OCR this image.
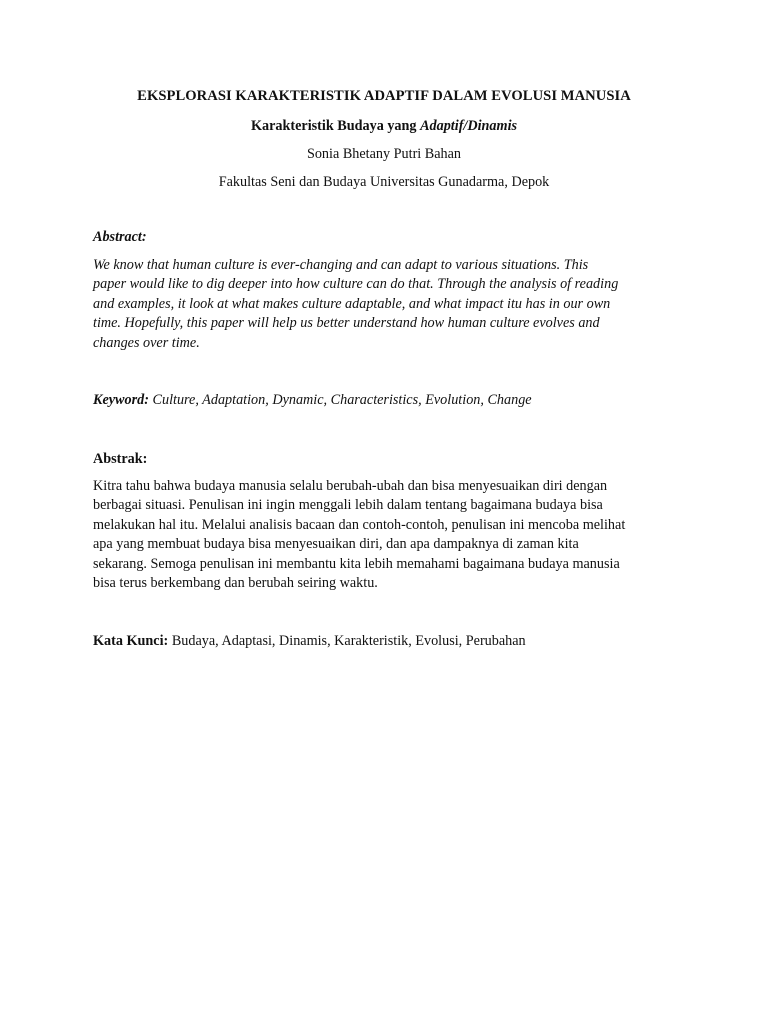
EKSPLORASI KARAKTERISTIK ADAPTIF DALAM EVOLUSI MANUSIA
Karakteristik Budaya yang Adaptif/Dinamis
Sonia Bhetany Putri Bahan
Fakultas Seni dan Budaya Universitas Gunadarma, Depok
Abstract:
We know that human culture is ever-changing and can adapt to various situations. This
paper would like to dig deeper into how culture can do that. Through the analysis of reading
and examples, it look at what makes culture adaptable, and what impact itu has in our own
time. Hopefully, this paper will help us better understand how human culture evolves and
changes over time.
Keyword: Culture, Adaptation, Dynamic, Characteristics, Evolution, Change
Abstrak:
Kitra tahu bahwa budaya manusia selalu berubah-ubah dan bisa menyesuaikan diri dengan
berbagai situasi. Penulisan ini ingin menggali lebih dalam tentang bagaimana budaya bisa
melakukan hal itu. Melalui analisis bacaan dan contoh-contoh, penulisan ini mencoba melihat
apa yang membuat budaya bisa menyesuaikan diri, dan apa dampaknya di zaman kita
sekarang. Semoga penulisan ini membantu kita lebih memahami bagaimana budaya manusia
bisa terus berkembang dan berubah seiring waktu.
Kata Kunci: Budaya, Adaptasi, Dinamis, Karakteristik, Evolusi, Perubahan
